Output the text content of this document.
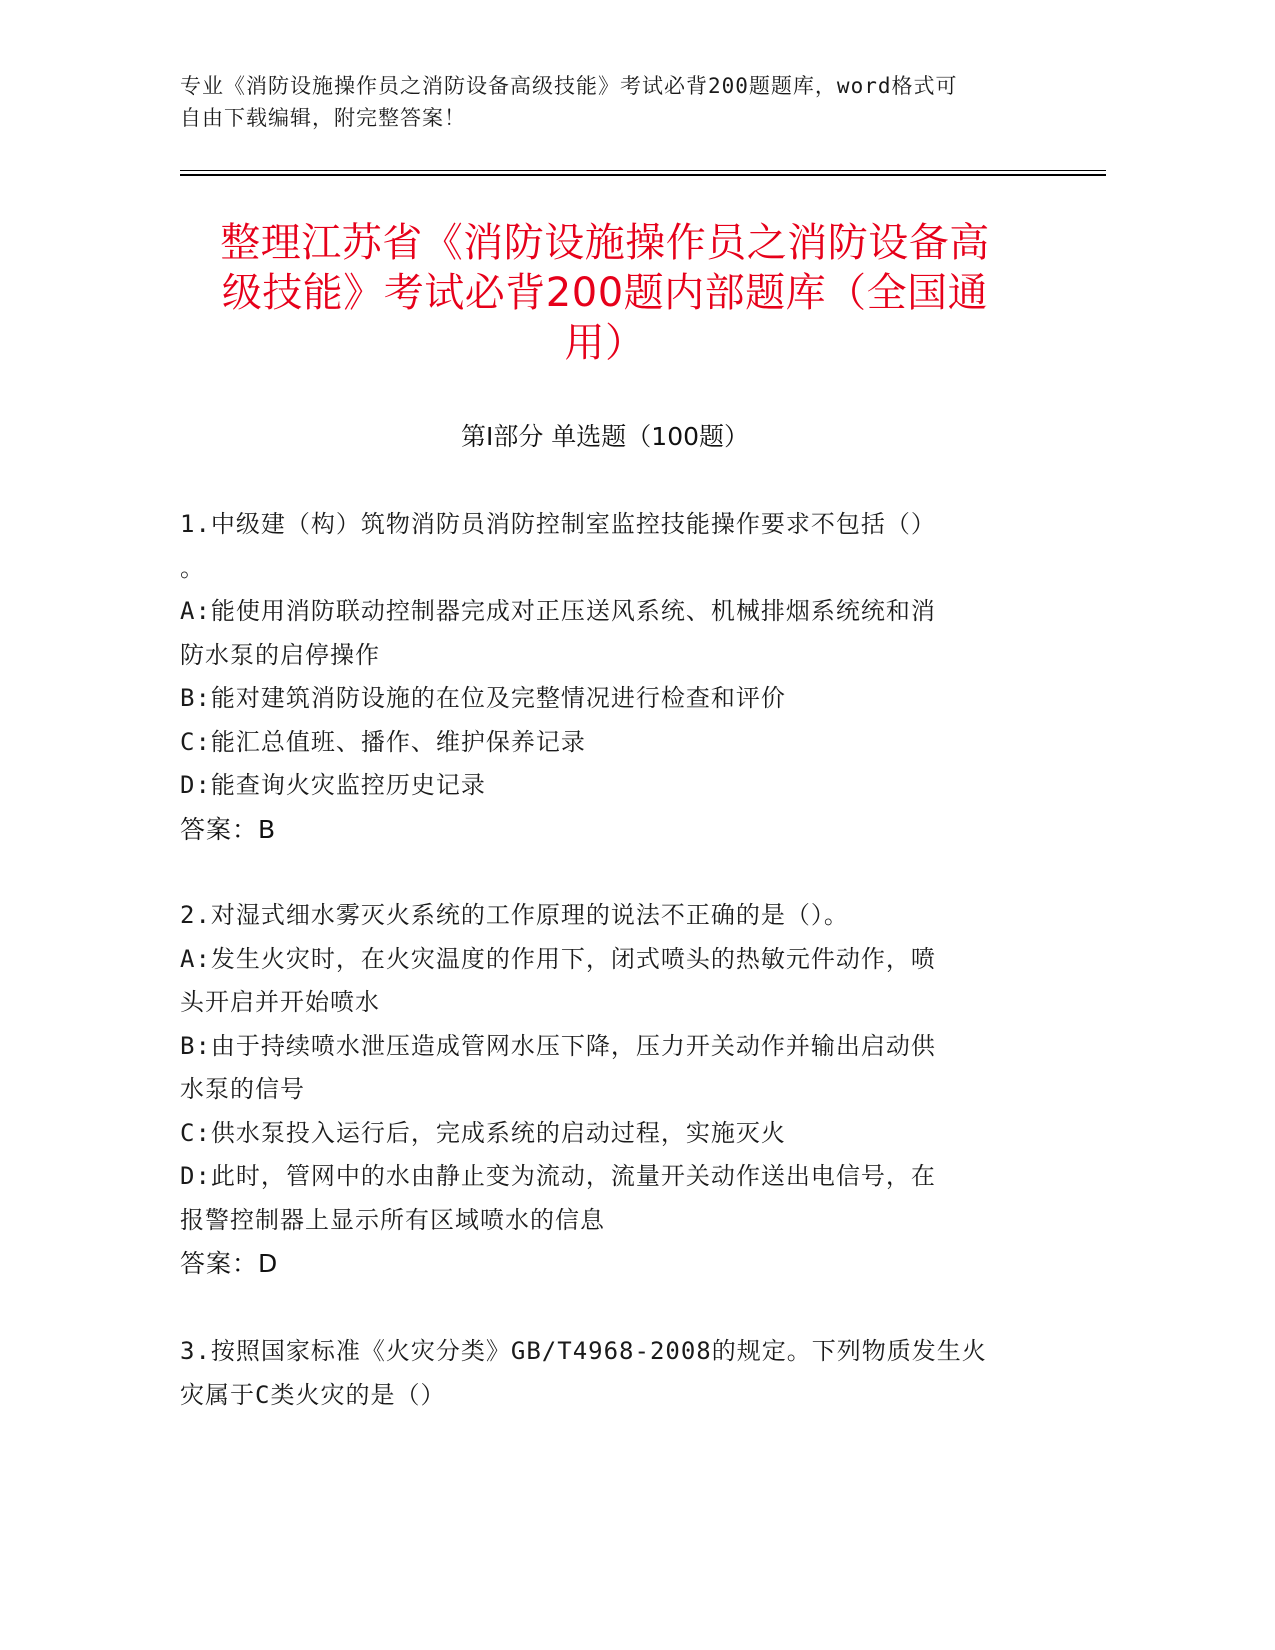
专业《消防设施操作员之消防设备高级技能》考试必背200题题库，word格式可
自由下载编辑，附完整答案！
整理江苏省《消防设施操作员之消防设备高
级技能》考试必背200题内部题库（全国通
用）
第I部分 单选题（100题）
1.中级建（构）筑物消防员消防控制室监控技能操作要求不包括（）
。
A:能使用消防联动控制器完成对正压送风系统、机械排烟系统统和消
防水泵的启停操作
B:能对建筑消防设施的在位及完整情况进行检查和评价
C:能汇总值班、播作、维护保养记录
D:能查询火灾监控历史记录
答案：B
2.对湿式细水雾灭火系统的工作原理的说法不正确的是（）。
A:发生火灾时，在火灾温度的作用下，闭式喷头的热敏元件动作，喷
头开启并开始喷水
B:由于持续喷水泄压造成管网水压下降，压力开关动作并输出启动供
水泵的信号
C:供水泵投入运行后，完成系统的启动过程，实施灭火
D:此时，管网中的水由静止变为流动，流量开关动作送出电信号，在
报警控制器上显示所有区域喷水的信息
答案：D
3.按照国家标准《火灾分类》GB/T4968-2008的规定。下列物质发生火
灾属于C类火灾的是（）
